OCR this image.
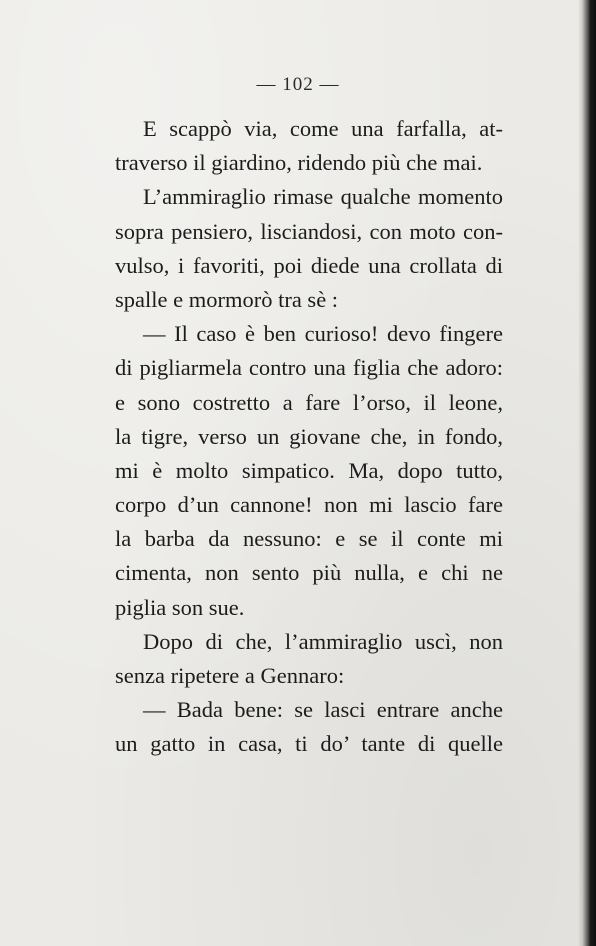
— 102 —
E scappò via, come una farfalla, at-
traverso il giardino, ridendo più che mai.
L’ammiraglio rimase qualche momento
sopra pensiero, lisciandosi, con moto con-
vulso, i favoriti, poi diede una crollata di
spalle e mormorò tra sè :
— Il caso è ben curioso! devo fingere
di pigliarmela contro una figlia che adoro:
e sono costretto a fare l’orso, il leone,
la tigre, verso un giovane che, in fondo,
mi è molto simpatico. Ma, dopo tutto,
corpo d’un cannone! non mi lascio fare
la barba da nessuno: e se il conte mi
cimenta, non sento più nulla, e chi ne
piglia son sue.
Dopo di che, l’ammiraglio uscì, non
senza ripetere a Gennaro:
— Bada bene: se lasci entrare anche
un gatto in casa, ti do’ tante di quelle
